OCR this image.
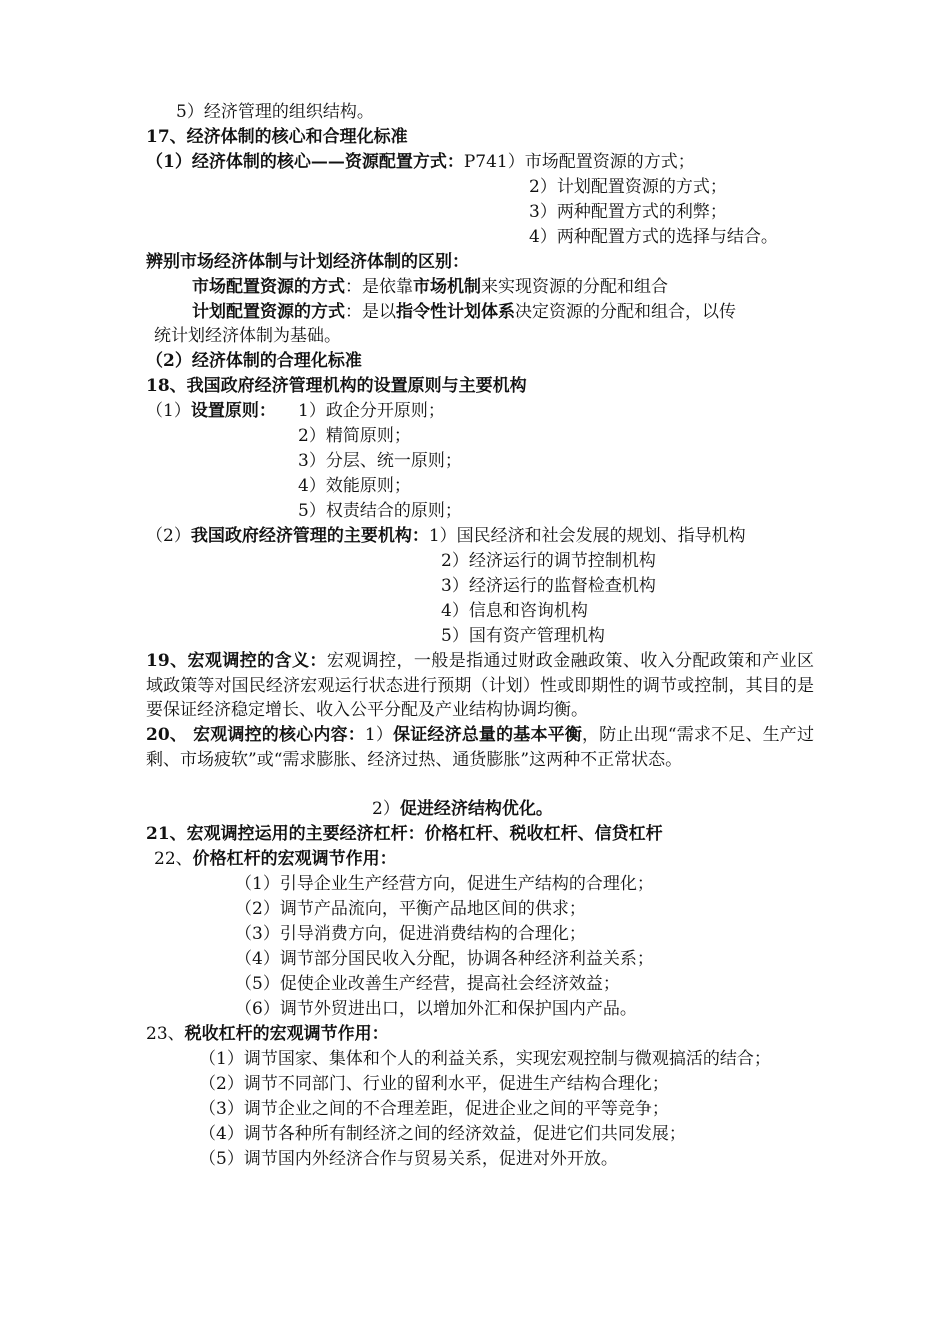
5）经济管理的组织结构。
17、经济体制的核心和合理化标准
（1）经济体制的核心——资源配置方式：P741）市场配置资源的方式；
2）计划配置资源的方式；
3）两种配置方式的利弊；
4）两种配置方式的选择与结合。
辨别市场经济体制与计划经济体制的区别：
市场配置资源的方式：是依靠市场机制来实现资源的分配和组合
计划配置资源的方式：是以指令性计划体系决定资源的分配和组合，以传
统计划经济体制为基础。
（2）经济体制的合理化标准
18、我国政府经济管理机构的设置原则与主要机构
（1）设置原则： 1）政企分开原则；
2）精简原则；
3）分层、统一原则；
4）效能原则；
5）权责结合的原则；
（2）我国政府经济管理的主要机构：1）国民经济和社会发展的规划、指导机构
2）经济运行的调节控制机构
3）经济运行的监督检查机构
4）信息和咨询机构
5）国有资产管理机构
19、宏观调控的含义：宏观调控，一般是指通过财政金融政策、收入分配政策和产业区域政策等对国民经济宏观运行状态进行预期（计划）性或即期性的调节或控制，其目的是要保证经济稳定增长、收入公平分配及产业结构协调均衡。
20、 宏观调控的核心内容：1）保证经济总量的基本平衡，防止出现“需求不足、生产过剩、市场疲软”或“需求膨胀、经济过热、通货膨胀”这两种不正常状态。
2）促进经济结构优化。
21、宏观调控运用的主要经济杠杆：价格杠杆、税收杠杆、信贷杠杆
22、价格杠杆的宏观调节作用：
（1）引导企业生产经营方向，促进生产结构的合理化；
（2）调节产品流向，平衡产品地区间的供求；
（3）引导消费方向，促进消费结构的合理化；
（4）调节部分国民收入分配，协调各种经济利益关系；
（5）促使企业改善生产经营，提高社会经济效益；
（6）调节外贸进出口，以增加外汇和保护国内产品。
23、税收杠杆的宏观调节作用：
（1）调节国家、集体和个人的利益关系，实现宏观控制与微观搞活的结合；
（2）调节不同部门、行业的留利水平，促进生产结构合理化；
（3）调节企业之间的不合理差距，促进企业之间的平等竞争；
（4）调节各种所有制经济之间的经济效益，促进它们共同发展；
（5）调节国内外经济合作与贸易关系，促进对外开放。
